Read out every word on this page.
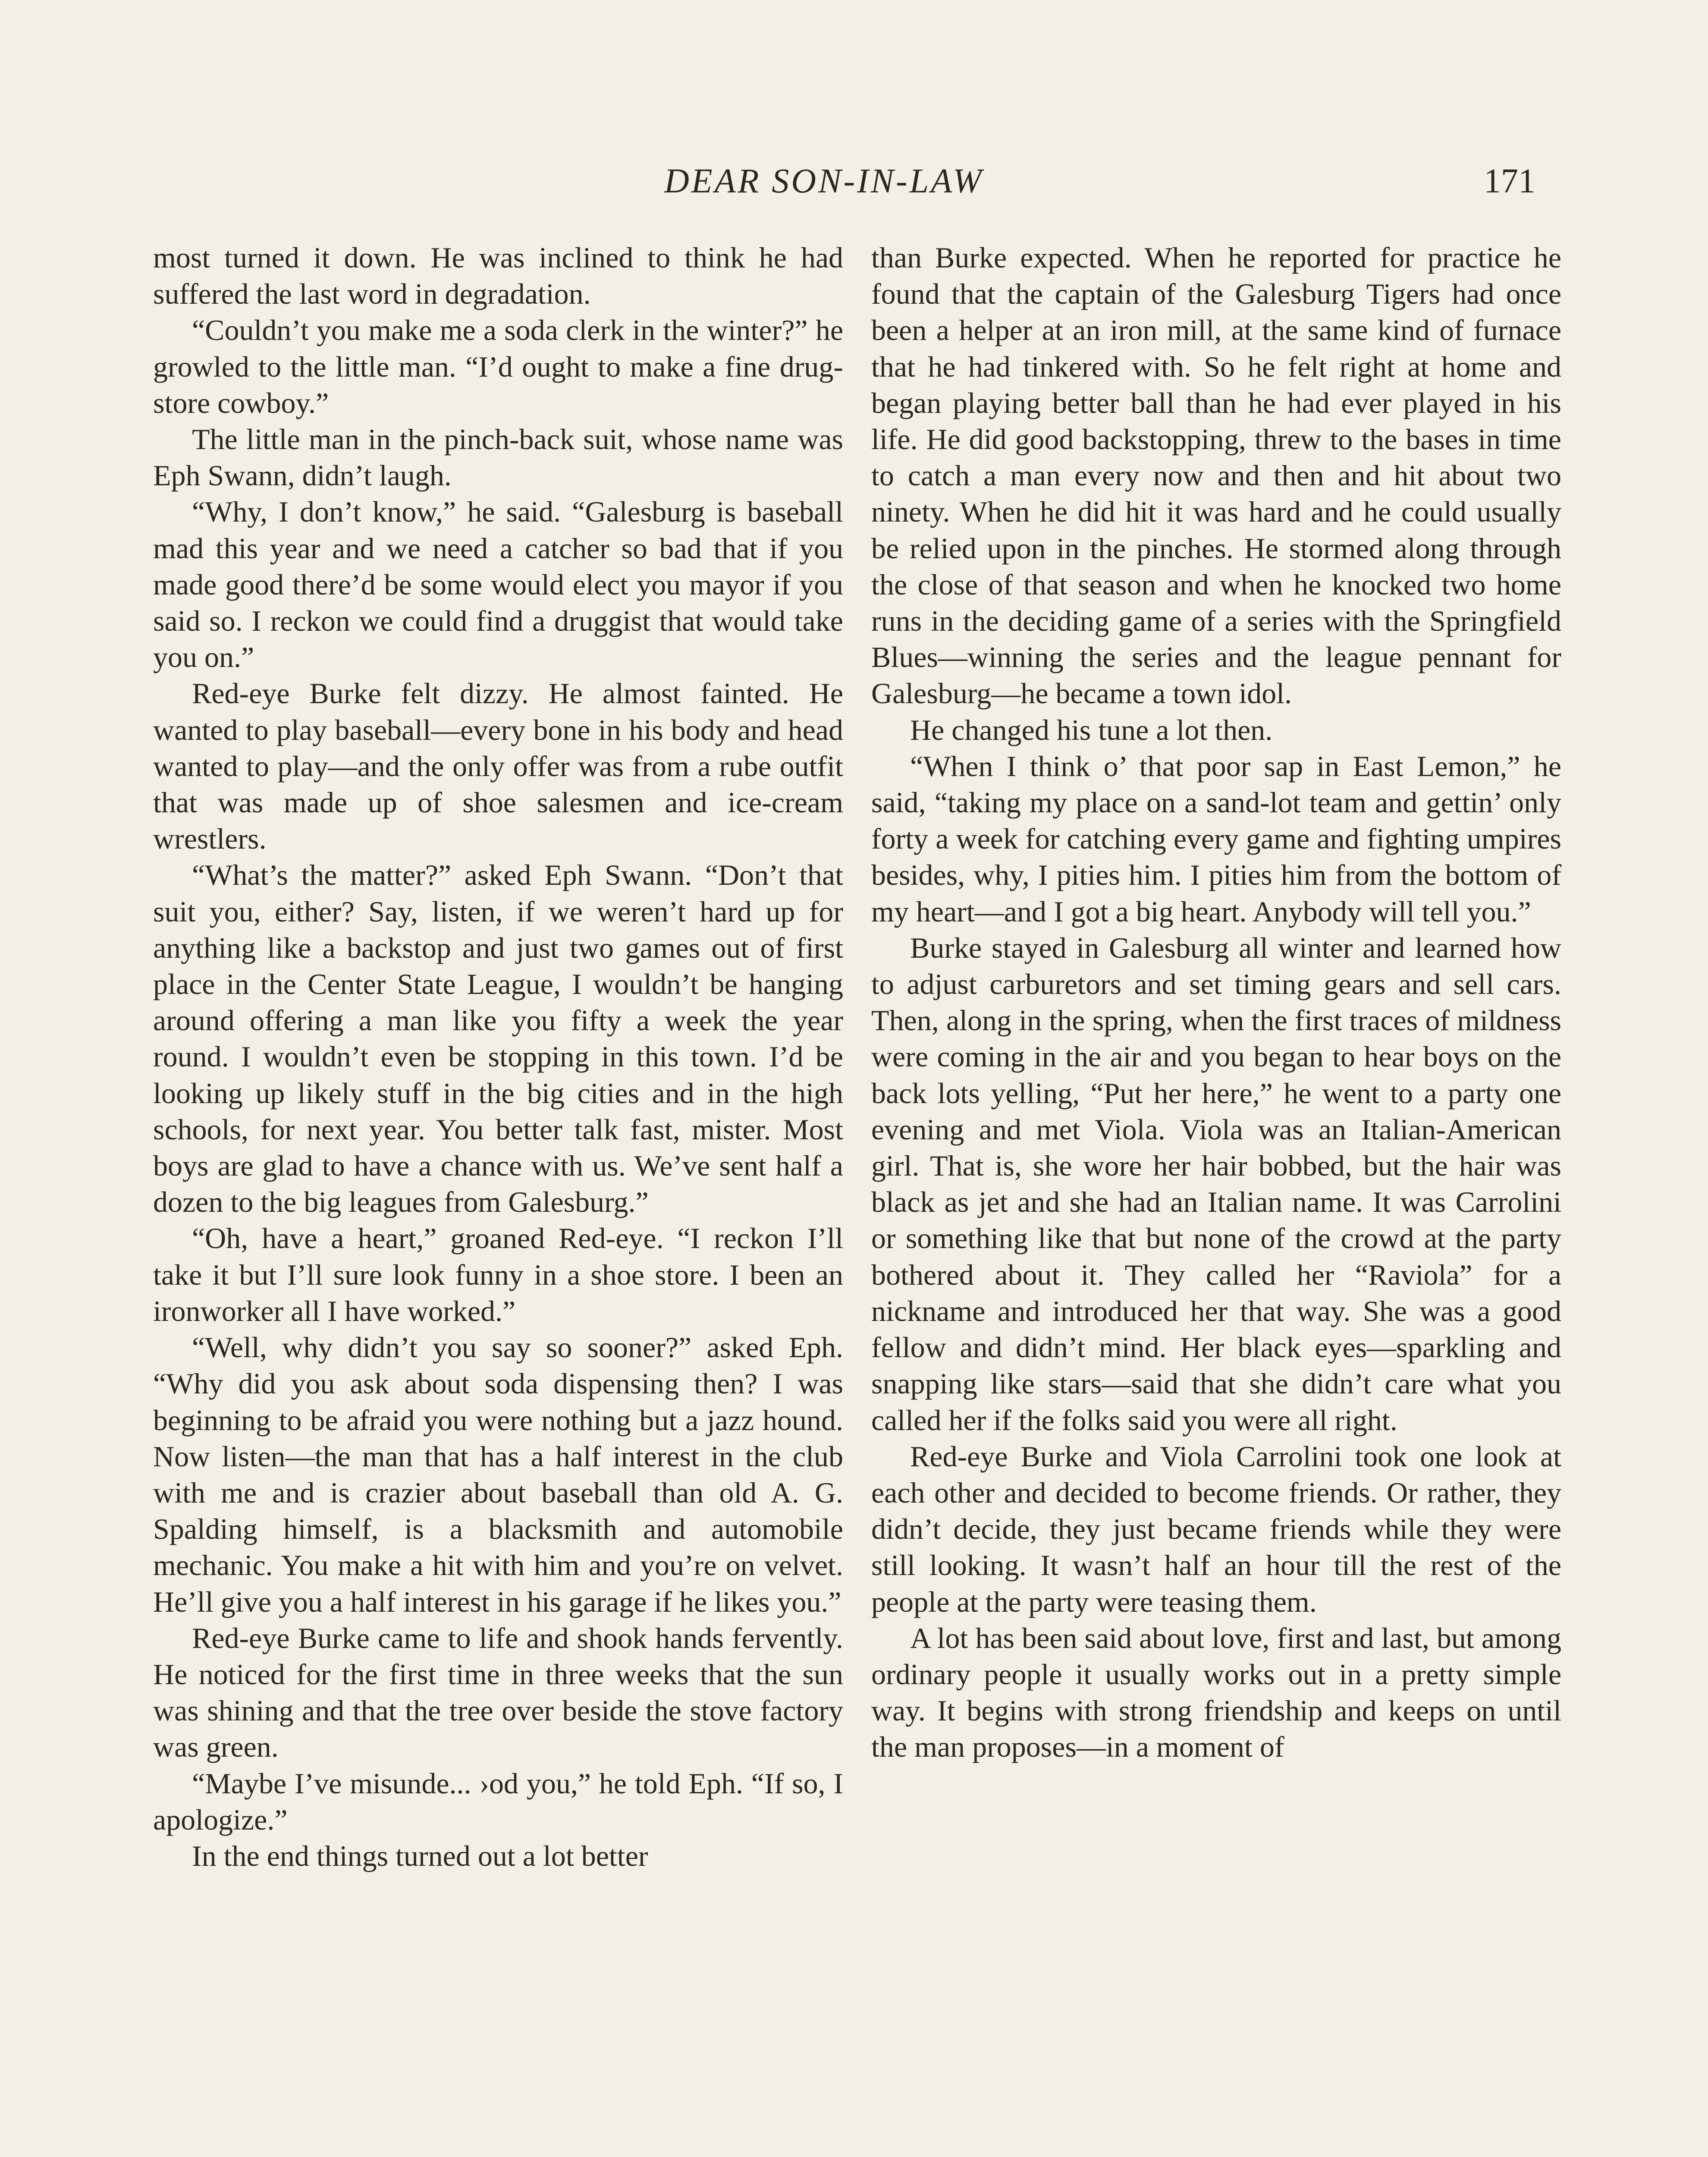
DEAR SON-IN-LAW	171

most turned it down. He was inclined to think he had suffered the last word in degradation.

“Couldn’t you make me a soda clerk in the winter?” he growled to the little man. “I’d ought to make a fine drug-store cowboy.”

The little man in the pinch-back suit, whose name was Eph Swann, didn’t laugh.

“Why, I don’t know,” he said. “Galesburg is baseball mad this year and we need a catcher so bad that if you made good there’d be some would elect you mayor if you said so. I reckon we could find a druggist that would take you on.”

Red-eye Burke felt dizzy. He almost fainted. He wanted to play baseball—every bone in his body and head wanted to play—and the only offer was from a rube outfit that was made up of shoe salesmen and ice-cream wrestlers.

“What’s the matter?” asked Eph Swann. “Don’t that suit you, either? Say, listen, if we weren’t hard up for anything like a backstop and just two games out of first place in the Center State League, I wouldn’t be hanging around offering a man like you fifty a week the year round. I wouldn’t even be stopping in this town. I’d be looking up likely stuff in the big cities and in the high schools, for next year. You better talk fast, mister. Most boys are glad to have a chance with us. We’ve sent half a dozen to the big leagues from Galesburg.”

“Oh, have a heart,” groaned Red-eye. “I reckon I’ll take it but I’ll sure look funny in a shoe store. I been an ironworker all I have worked.”

“Well, why didn’t you say so sooner?” asked Eph. “Why did you ask about soda dispensing then? I was beginning to be afraid you were nothing but a jazz hound. Now listen—the man that has a half interest in the club with me and is crazier about baseball than old A. G. Spalding himself, is a blacksmith and automobile mechanic. You make a hit with him and you’re on velvet. He’ll give you a half interest in his garage if he likes you.”

Red-eye Burke came to life and shook hands fervently. He noticed for the first time in three weeks that the sun was shining and that the tree over beside the stove factory was green.

“Maybe I’ve misunde... ›od you,” he told Eph. “If so, I apologize.”

In the end things turned out a lot better

than Burke expected. When he reported for practice he found that the captain of the Galesburg Tigers had once been a helper at an iron mill, at the same kind of furnace that he had tinkered with. So he felt right at home and began playing better ball than he had ever played in his life. He did good backstopping, threw to the bases in time to catch a man every now and then and hit about two ninety. When he did hit it was hard and he could usually be relied upon in the pinches. He stormed along through the close of that season and when he knocked two home runs in the deciding game of a series with the Springfield Blues—winning the series and the league pennant for Galesburg—he became a town idol.

He changed his tune a lot then.

“When I think o’ that poor sap in East Lemon,” he said, “taking my place on a sand-lot team and gettin’ only forty a week for catching every game and fighting umpires besides, why, I pities him. I pities him from the bottom of my heart—and I got a big heart. Anybody will tell you.”

Burke stayed in Galesburg all winter and learned how to adjust carburetors and set timing gears and sell cars. Then, along in the spring, when the first traces of mildness were coming in the air and you began to hear boys on the back lots yelling, “Put her here,” he went to a party one evening and met Viola. Viola was an Italian-American girl. That is, she wore her hair bobbed, but the hair was black as jet and she had an Italian name. It was Carrolini or something like that but none of the crowd at the party bothered about it. They called her “Raviola” for a nickname and introduced her that way. She was a good fellow and didn’t mind. Her black eyes—sparkling and snapping like stars—said that she didn’t care what you called her if the folks said you were all right.

Red-eye Burke and Viola Carrolini took one look at each other and decided to become friends. Or rather, they didn’t decide, they just became friends while they were still looking. It wasn’t half an hour till the rest of the people at the party were teasing them.

A lot has been said about love, first and last, but among ordinary people it usually works out in a pretty simple way. It begins with strong friendship and keeps on until the man proposes—in a moment of
